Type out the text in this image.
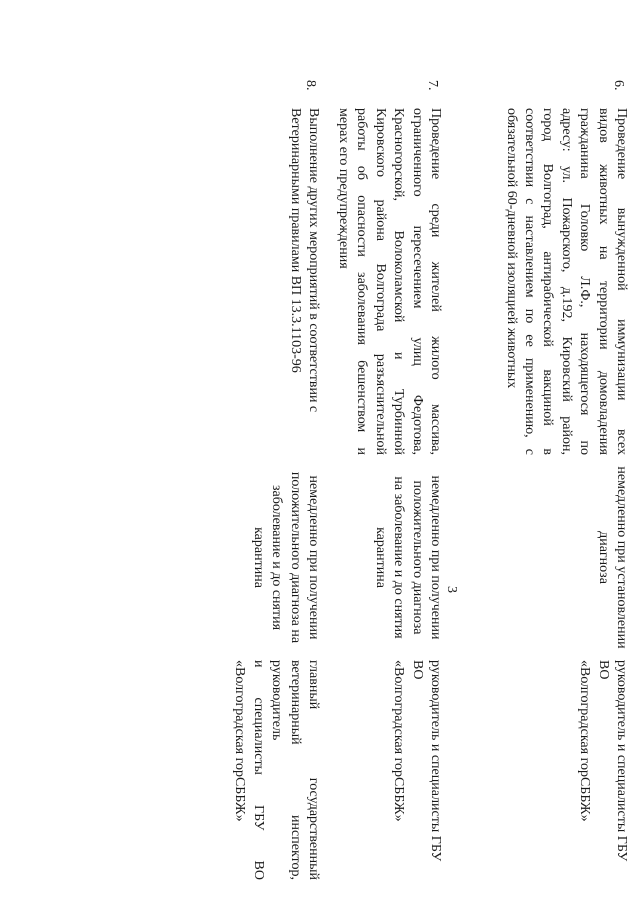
3
6.

Проведение вынужденной иммунизации всех

видов животных на территории домовладения

гражданина Головко Л.Ф., находящегося по

адресу: ул. Пожарского, д.192, Кировский район,

город Волгоград, антирабической вакциной в

соответствии с наставлением по ее применению, с

обязательной 60-дневной изоляцией животных

немедленно при установлении
диагноза
руководитель и специалисты ГБУ ВО
«Волгоградская горСББЖ»
7.

Проведение среди жителей жилого массива,

ограниченного пересечением улиц Федотова,

Красногорской, Волоколамской и Турбинной

Кировского района Волгограда разъяснительной

работы об опасности заболевания бешенством и

мерах его предупреждения

немедленно при получении
положительного диагноза
на заболевание и до снятия
карантина
руководитель и специалисты ГБУ ВО
«Волгоградская горСББЖ»
8.

Выполнение других мероприятий в соответствии с

Ветеринарными правилами ВП 13.3.1103-96

немедленно при получении
положительного диагноза на
заболевание и до снятия
карантина
главный государственный
ветеринарный инспектор, руководитель
и специалисты ГБУ ВО
«Волгоградская горСББЖ»
